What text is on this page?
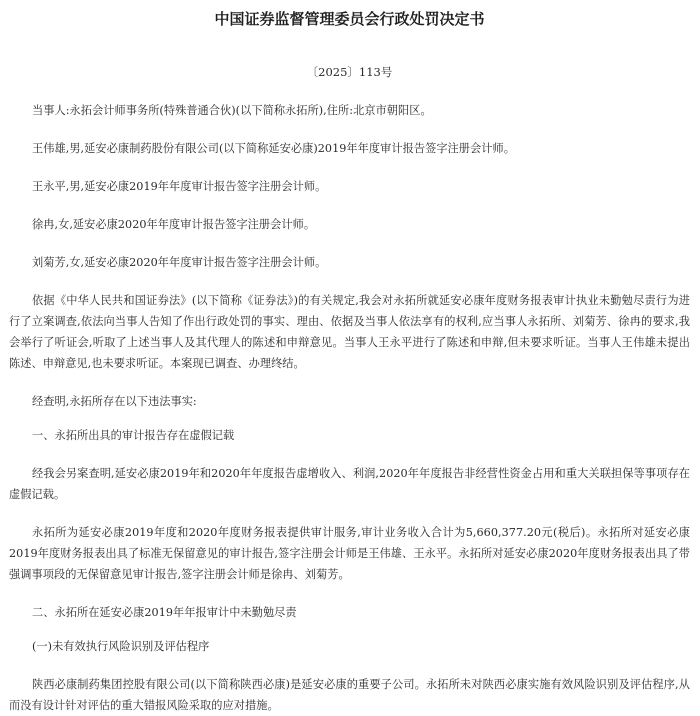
中国证券监督管理委员会行政处罚决定书
〔2025〕113号

当事人:永拓会计师事务所(特殊普通合伙)(以下简称永拓所),住所:北京市朝阳区。

王伟雄,男,延安必康制药股份有限公司(以下简称延安必康)2019年年度审计报告签字注册会计师。

王永平,男,延安必康2019年年度审计报告签字注册会计师。

徐冉,女,延安必康2020年年度审计报告签字注册会计师。

刘菊芳,女,延安必康2020年年度审计报告签字注册会计师。

依据《中华人民共和国证券法》(以下简称《证券法》)的有关规定,我会对永拓所就延安必康年度财务报表审计执业未勤勉尽责行为进行了立案调查,依法向当事人告知了作出行政处罚的事实、理由、依据及当事人依法享有的权利,应当事人永拓所、刘菊芳、徐冉的要求,我会举行了听证会,听取了上述当事人及其代理人的陈述和申辩意见。当事人王永平进行了陈述和申辩,但未要求听证。当事人王伟雄未提出陈述、申辩意见,也未要求听证。本案现已调查、办理终结。

经查明,永拓所存在以下违法事实:

一、永拓所出具的审计报告存在虚假记载

经我会另案查明,延安必康2019年和2020年年度报告虚增收入、利润,2020年年度报告非经营性资金占用和重大关联担保等事项存在虚假记载。

永拓所为延安必康2019年度和2020年度财务报表提供审计服务,审计业务收入合计为5,660,377.20元(税后)。永拓所对延安必康2019年度财务报表出具了标准无保留意见的审计报告,签字注册会计师是王伟雄、王永平。永拓所对延安必康2020年度财务报表出具了带强调事项段的无保留意见审计报告,签字注册会计师是徐冉、刘菊芳。

二、永拓所在延安必康2019年年报审计中未勤勉尽责

(一)未有效执行风险识别及评估程序

陕西必康制药集团控股有限公司(以下简称陕西必康)是延安必康的重要子公司。永拓所未对陕西必康实施有效风险识别及评估程序,从而没有设计针对评估的重大错报风险采取的应对措施。
